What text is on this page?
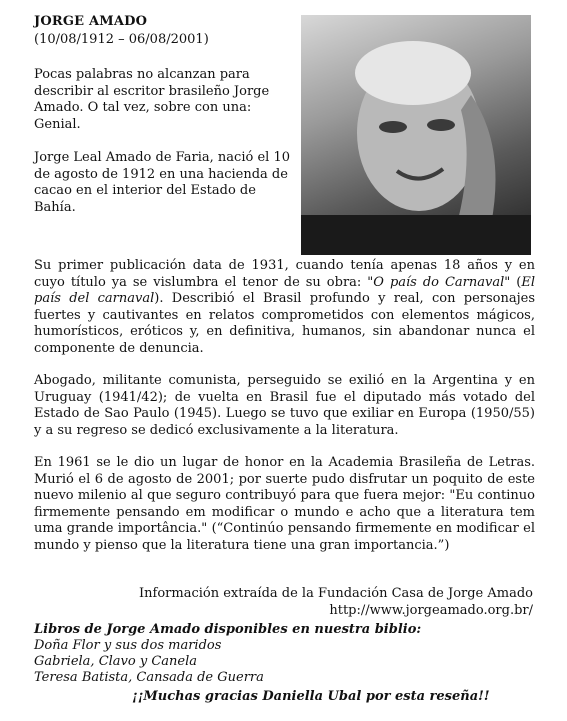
JORGE AMADO
(10/08/1912 – 06/08/2001)

Pocas palabras no alcanzan para describir al escritor brasileño Jorge Amado. O tal vez, sobre con una: Genial.

Jorge Leal Amado de Faria, nació el 10 de agosto de 1912 en una hacienda de cacao en el interior del Estado de Bahía.

Su primer publicación data de 1931, cuando tenía apenas 18 años y en cuyo título ya se vislumbra el tenor de su obra: "O país do Carnaval" (El país del carnaval). Describió el Brasil profundo y real, con personajes fuertes y cautivantes en relatos comprometidos con elementos mágicos, humorísticos, eróticos y, en definitiva, humanos, sin abandonar nunca el componente de denuncia.

Abogado, militante comunista, perseguido se exilió en la Argentina y en Uruguay (1941/42); de vuelta en Brasil fue el diputado más votado del Estado de Sao Paulo (1945). Luego se tuvo que exiliar en Europa (1950/55) y a su regreso se dedicó exclusivamente a la literatura.

En 1961 se le dio un lugar de honor en la Academia Brasileña de Letras. Murió el 6 de agosto de 2001; por suerte pudo disfrutar un poquito de este nuevo milenio al que seguro contribuyó para que fuera mejor: "Eu continuo firmemente pensando em modificar o mundo e acho que a literatura tem uma grande importância." (“Continúo pensando firmemente en modificar el mundo y pienso que la literatura tiene una gran importancia.”)

Información extraída de la Fundación Casa de Jorge Amado
http://www.jorgeamado.org.br/
Libros de Jorge Amado disponibles en nuestra biblio:
Doña Flor y sus dos maridos
Gabriela, Clavo y Canela
Teresa Batista, Cansada de Guerra
¡¡Muchas gracias Daniella Ubal por esta reseña!!
